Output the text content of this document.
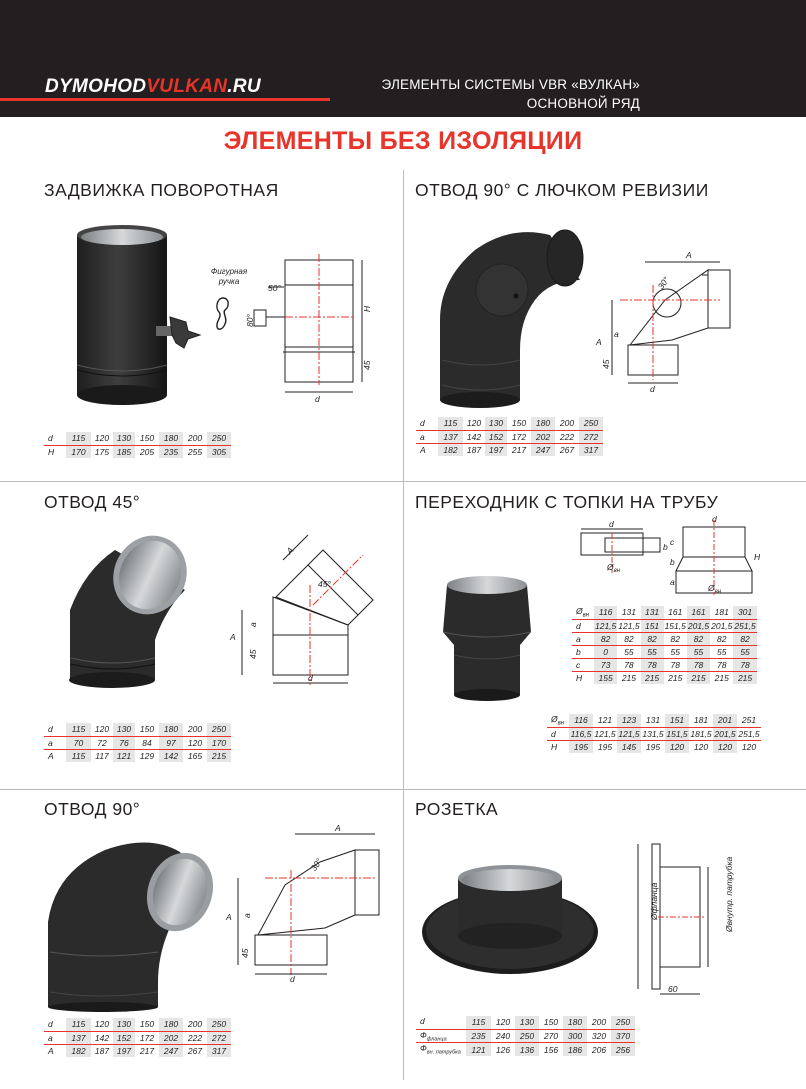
DYMOHODVULKAN.RU	ЭЛЕМЕНТЫ СИСТЕМЫ VBR «ВУЛКАН»
ОСНОВНОЙ РЯД
ЭЛЕМЕНТЫ БЕЗ ИЗОЛЯЦИИ
ЗАДВИЖКА ПОВОРОТНАЯ	ОТВОД 90° С ЛЮЧКОМ РЕВИЗИИ
ОТВОД 45°	ПЕРЕХОДНИК С ТОПКИ НА ТРУБУ
ОТВОД 90°	РОЗЕТКА
Фигурная ручка
50°
80°
H
45
d
d	115	120	130	150	180	200	250
H	170	175	185	205	235	255	305
A
30°
A
a
45
d
d	115	120	130	150	180	200	250
a	137	142	152	172	202	222	272
A	182	187	197	217	247	267	317
A
45°
A
a
45
d
d	115	120	130	150	180	200	250
a	70	72	76	84	97	120	170
A	115	117	121	129	142	165	215
d
$Ø_{вн}$
b
d
c
b
a
H
$Ø_{вн}$
$Ø_{вн}$	116	131	131	161	161	181	301
d	121,5	121,5	151	151,5	201,5	201,5	251,5
a	82	82	82	82	82	82	82
b	0	55	55	55	55	55	55
c	73	78	78	78	78	78	78
H	155	215	215	215	215	215	215
$Ø_{вн}$	116	121	123	131	151	181	201	251
d	116,5	121,5	121,5	131,5	151,5	181,5	201,5	251,5
H	195	195	145	195	120	120	120	120
A
30°
A a
45
d
d	115	120	130	150	180	200	250
a	137	142	152	172	202	222	272
A	182	187	197	217	247	267	317
Øфланца	Øвнутр. патрубка
60
d	115	120	130	150	180	200	250
$Ф_{фланца}$	235	240	250	270	300	320	370
$Ф_{вн. патрубка}$	121	126	136	156	186	206	256
